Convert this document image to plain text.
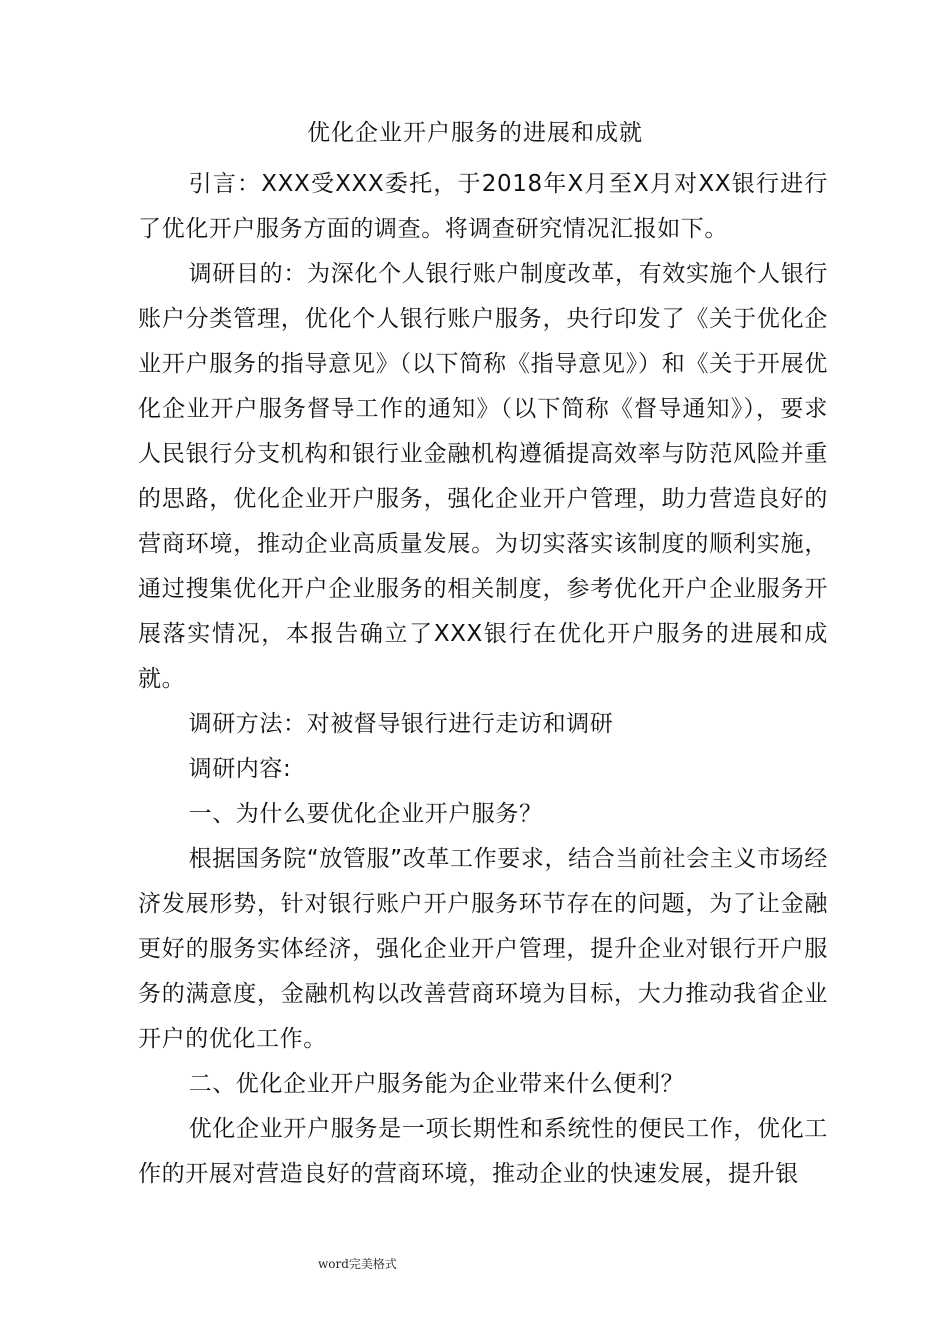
优化企业开户服务的进展和成就

引言：XXX受XXX委托，于2018年X月至X月对XX银行进行了优化开户服务方面的调查。将调查研究情况汇报如下。

调研目的：为深化个人银行账户制度改革，有效实施个人银行账户分类管理，优化个人银行账户服务，央行印发了《关于优化企业开户服务的指导意见》（以下简称《指导意见》）和《关于开展优化企业开户服务督导工作的通知》（以下简称《督导通知》），要求人民银行分支机构和银行业金融机构遵循提高效率与防范风险并重的思路，优化企业开户服务，强化企业开户管理，助力营造良好的营商环境，推动企业高质量发展。为切实落实该制度的顺利实施，通过搜集优化开户企业服务的相关制度，参考优化开户企业服务开展落实情况，本报告确立了XXX银行在优化开户服务的进展和成就。

调研方法：对被督导银行进行走访和调研

调研内容:

一、为什么要优化企业开户服务？

根据国务院“放管服”改革工作要求，结合当前社会主义市场经济发展形势，针对银行账户开户服务环节存在的问题，为了让金融更好的服务实体经济，强化企业开户管理，提升企业对银行开户服务的满意度，金融机构以改善营商环境为目标，大力推动我省企业开户的优化工作。

二、优化企业开户服务能为企业带来什么便利？

优化企业开户服务是一项长期性和系统性的便民工作，优化工作的开展对营造良好的营商环境，推动企业的快速发展，提升银

word完美格式
